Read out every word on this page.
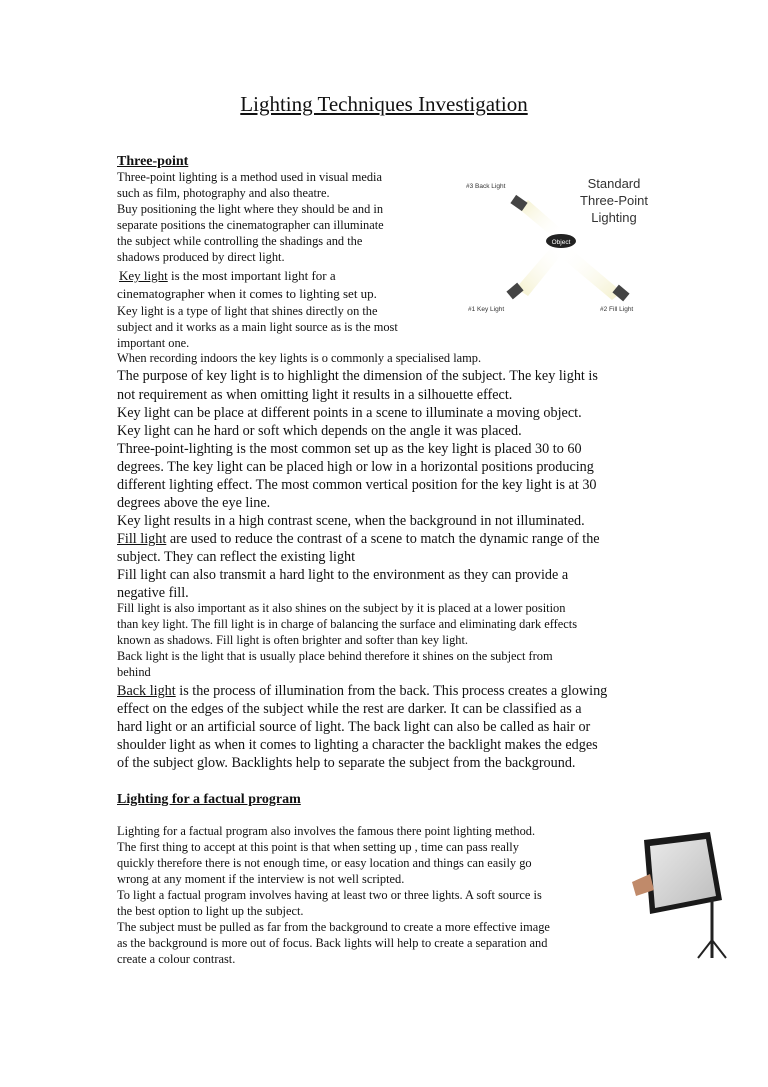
Lighting Techniques Investigation
Three-point
Three-point lighting is a method used in visual media
such as film, photography and also theatre.
Buy positioning the light where they should be and in
separate positions the cinematographer can illuminate
the subject while controlling the shadings and the
shadows produced by direct light.
Key light is the most important light for a
cinematographer when it comes to lighting set up.
Key light is a type of light that shines directly on the
subject and it works as a main light source as is the most
important one.
When recording indoors the key lights is o commonly a specialised lamp.
The purpose of key light is to highlight the dimension of the subject. The key light is
not requirement as when omitting light it results in a silhouette effect.
Key light can be place at different points in a scene to illuminate a moving object.
Key light can he hard or soft which depends on the angle it was placed.
Three-point-lighting is the most common set up as the key light is placed 30 to 60
degrees. The key light can be placed high or low in a horizontal positions producing
different lighting effect. The most common vertical position for the key light is at 30
degrees above the eye line.
Key light results in a high contrast scene, when the background in not illuminated.
Fill light are used to reduce the contrast of a scene to match the dynamic range of the
subject. They can reflect the existing light
Fill light can also transmit a hard light to the environment as they can provide a
negative fill.
Fill light is also important as it also shines on the subject by it is placed at a lower position
than key light. The fill light is in charge of balancing the surface and eliminating dark effects
known as shadows. Fill light is often brighter and softer than key light.
Back light is the light that is usually place behind therefore it shines on the subject from
behind
Back light is the process of illumination from the back. This process creates a glowing
effect on the edges of the subject while the rest are darker. It can be classified as a
hard light or an artificial source of light. The back light can also be called as hair or
shoulder light as when it comes to lighting a character the backlight makes the edges
of the subject glow. Backlights help to separate the subject from the background.
Object
#3 Back Light
#1 Key Light	#2 Fill Light
Standard
Three-Point
Lighting
Lighting for a factual program
Lighting for a factual program also involves the famous there point lighting method.
The first thing to accept at this point is that when setting up , time can pass really
quickly therefore there is not enough time, or easy location and things can easily go
wrong at any moment if the interview is not well scripted.
To light a factual program involves having at least two or three lights. A soft source is
the best option to light up the subject.
The subject must be pulled as far from the background to create a more effective image
as the background is more out of focus. Back lights will help to create a separation and
create a colour contrast.
